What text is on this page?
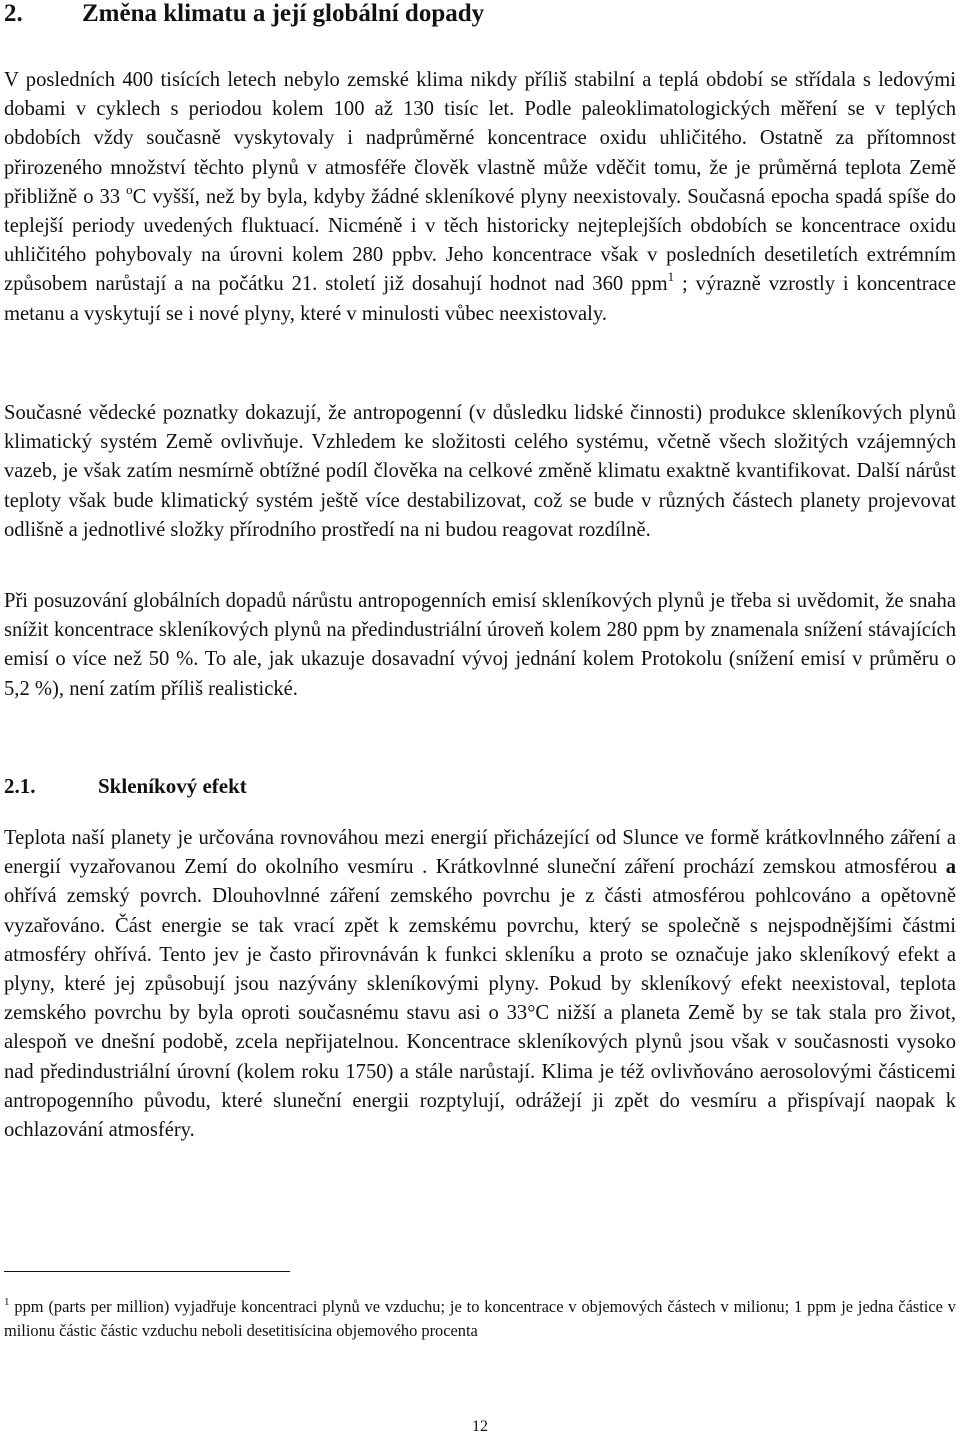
2. Změna klimatu a její globální dopady

V posledních 400 tisících letech nebylo zemské klima nikdy příliš stabilní a teplá období se střídala s ledovými dobami v cyklech s periodou kolem 100 až 130 tisíc let. Podle paleoklimatologických měření se v teplých obdobích vždy současně vyskytovaly i nadprůměrné koncentrace oxidu uhličitého. Ostatně za přítomnost přirozeného množství těchto plynů v atmosféře člověk vlastně může vděčit tomu, že je průměrná teplota Země přibližně o 33 $^o$C vyšší, než by byla, kdyby žádné skleníkové plyny neexistovaly. Současná epocha spadá spíše do teplejší periody uvedených fluktuací. Nicméně i v těch historicky nejteplejších obdobích se koncentrace oxidu uhličitého pohybovaly na úrovni kolem 280 ppbv. Jeho koncentrace však v posledních desetiletích extrémním způsobem narůstají a na počátku 21. století již dosahují hodnot nad 360 ppm$^1$ ; výrazně vzrostly i koncentrace metanu a vyskytují se i nové plyny, které v minulosti vůbec neexistovaly.

Současné vědecké poznatky dokazují, že antropogenní (v důsledku lidské činnosti) produkce skleníkových plynů klimatický systém Země ovlivňuje. Vzhledem ke složitosti celého systému, včetně všech složitých vzájemných vazeb, je však zatím nesmírně obtížné podíl člověka na celkové změně klimatu exaktně kvantifikovat. Další nárůst teploty však bude klimatický systém ještě více destabilizovat, což se bude v různých částech planety projevovat odlišně a jednotlivé složky přírodního prostředí na ni budou reagovat rozdílně.

Při posuzování globálních dopadů nárůstu antropogenních emisí skleníkových plynů je třeba si uvědomit, že snaha snížit koncentrace skleníkových plynů na předindustriální úroveň kolem 280 ppm by znamenala snížení stávajících emisí o více než 50 %. To ale, jak ukazuje dosavadní vývoj jednání kolem Protokolu (snížení emisí v průměru o 5,2 %), není zatím příliš realistické.

2.1.	Skleníkový efekt

Teplota naší planety je určována rovnováhou mezi energií přicházející od Slunce ve formě krátkovlnného záření a energií vyzařovanou Zemí do okolního vesmíru . Krátkovlnné sluneční záření prochází zemskou atmosférou a ohřívá zemský povrch. Dlouhovlnné záření zemského povrchu je z části atmosférou pohlcováno a opětovně vyzařováno. Část energie se tak vrací zpět k zemskému povrchu, který se společně s nejspodnějšími částmi atmosféry ohřívá. Tento jev je často přirovnáván k funkci skleníku a proto se označuje jako skleníkový efekt a plyny, které jej způsobují jsou nazývány skleníkovými plyny. Pokud by skleníkový efekt neexistoval, teplota zemského povrchu by byla oproti současnému stavu asi o 33°C nižší a planeta Země by se tak stala pro život, alespoň ve dnešní podobě, zcela nepřijatelnou. Koncentrace skleníkových plynů jsou však v současnosti vysoko nad předindustriální úrovní (kolem roku 1750) a stále narůstají. Klima je též ovlivňováno aerosolovými částicemi antropogenního původu, které sluneční energii rozptylují, odrážejí ji zpět do vesmíru a přispívají naopak k ochlazování atmosféry.

$^1$ ppm (parts per million) vyjadřuje koncentraci plynů ve vzduchu; je to koncentrace v objemových částech v milionu; 1 ppm je jedna částice v milionu částic částic vzduchu neboli desetitisícina objemového procenta

12
